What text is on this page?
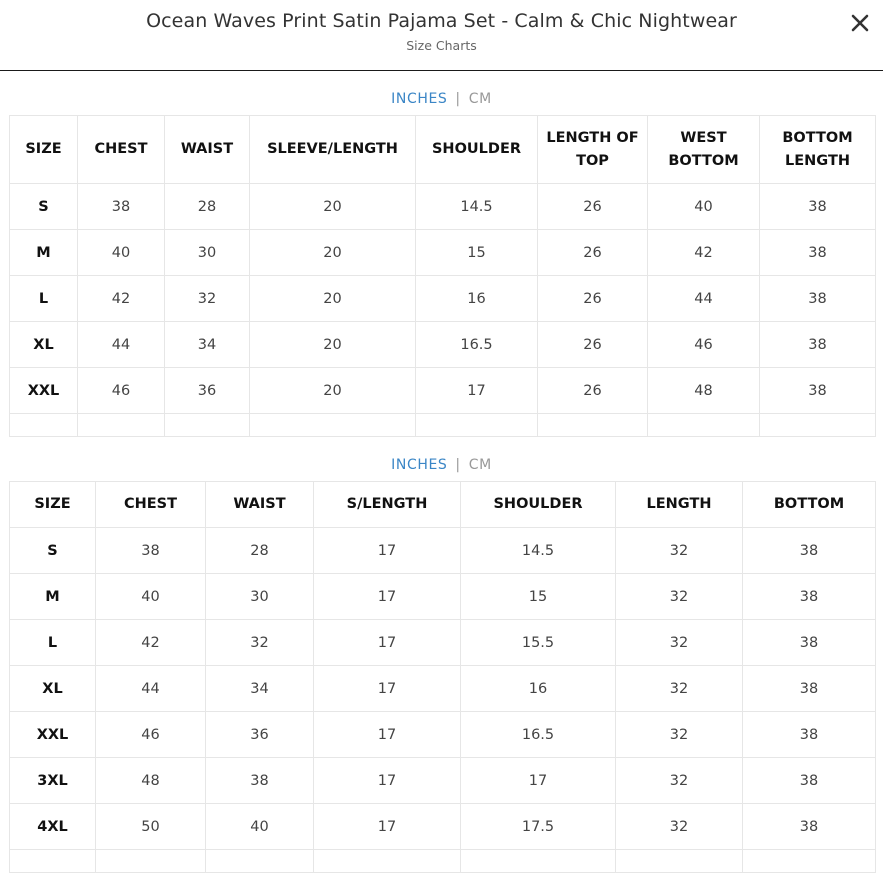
Ocean Waves Print Satin Pajama Set - Calm & Chic Nightwear
Size Charts
INCHES | CM
SIZE	CHEST	WAIST	SLEEVE/LENGTH	SHOULDER	LENGTH OF TOP	WEST BOTTOM	BOTTOM LENGTH
S	38	28	20	14.5	26	40	38
M	40	30	20	15	26	42	38
L	42	32	20	16	26	44	38
XL	44	34	20	16.5	26	46	38
XXL	46	36	20	17	26	48	38

INCHES | CM
SIZE	CHEST	WAIST	S/LENGTH	SHOULDER	LENGTH	BOTTOM
S	38	28	17	14.5	32	38
M	40	30	17	15	32	38
L	42	32	17	15.5	32	38
XL	44	34	17	16	32	38
XXL	46	36	17	16.5	32	38
3XL	48	38	17	17	32	38
4XL	50	40	17	17.5	32	38
